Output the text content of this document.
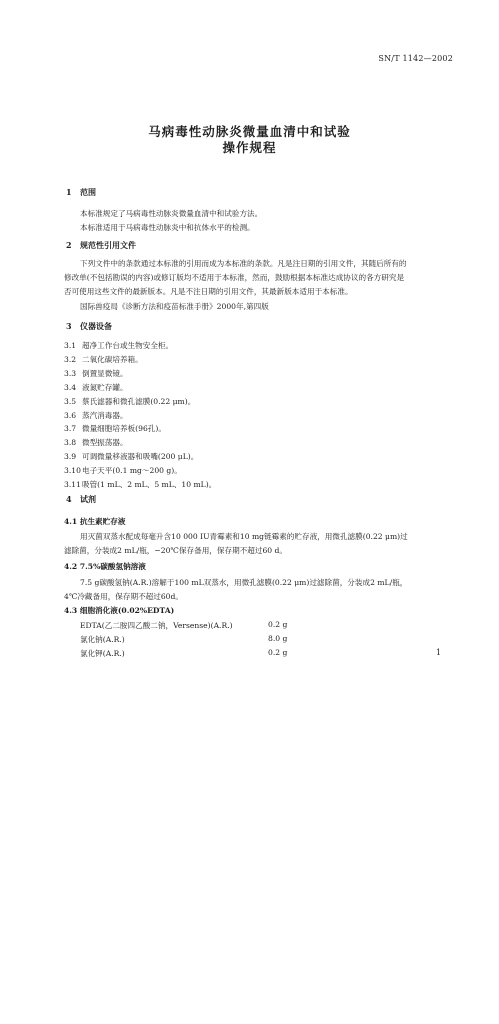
SN/T 1142—2002
马病毒性动脉炎微量血清中和试验
操作规程
1 范围
本标准规定了马病毒性动脉炎微量血清中和试验方法。
本标准适用于马病毒性动脉炎中和抗体水平的检测。
2 规范性引用文件
下列文件中的条款通过本标准的引用而成为本标准的条款。凡是注日期的引用文件，其随后所有的
修改单(不包括勘误的内容)或修订版均不适用于本标准，然而，鼓励根据本标准达成协议的各方研究是
否可使用这些文件的最新版本。凡是不注日期的引用文件，其最新版本适用于本标准。
国际兽疫局《诊断方法和疫苗标准手册》2000年,第四版
3 仪器设备
3.1 超净工作台或生物安全柜。
3.2 二氧化碳培养箱。
3.3 倒置显微镜。
3.4 液氮贮存罐。
3.5 蔡氏滤器和微孔滤膜(0.22 μm)。
3.6 蒸汽消毒器。
3.7 微量细胞培养板(96孔)。
3.8 微型振荡器。
3.9 可调微量移液器和吸嘴(200 μL)。
3.10电子天平(0.1 mg～200 g)。
3.11吸管(1 mL、2 mL、5 mL、10 mL)。
4 试剂
4.1 抗生素贮存液
用灭菌双蒸水配成每毫升含10 000 IU青霉素和10 mg链霉素的贮存液，用微孔滤膜(0.22 μm)过
滤除菌，分装成2 mL/瓶，−20℃保存备用，保存期不超过60 d。
4.2 7.5%碳酸氢钠溶液
7.5 g碳酸氢钠(A.R.)溶解于100 mL双蒸水，用微孔滤膜(0.22 μm)过滤除菌，分装成2 mL/瓶，
4℃冷藏备用，保存期不超过60d。
4.3 细胞消化液(0.02%EDTA)
EDTA(乙二胺四乙酸二钠，Versense)(A.R.)	0.2 g
氯化钠(A.R.)	8.0 g
氯化钾(A.R.)	0.2 g	1
